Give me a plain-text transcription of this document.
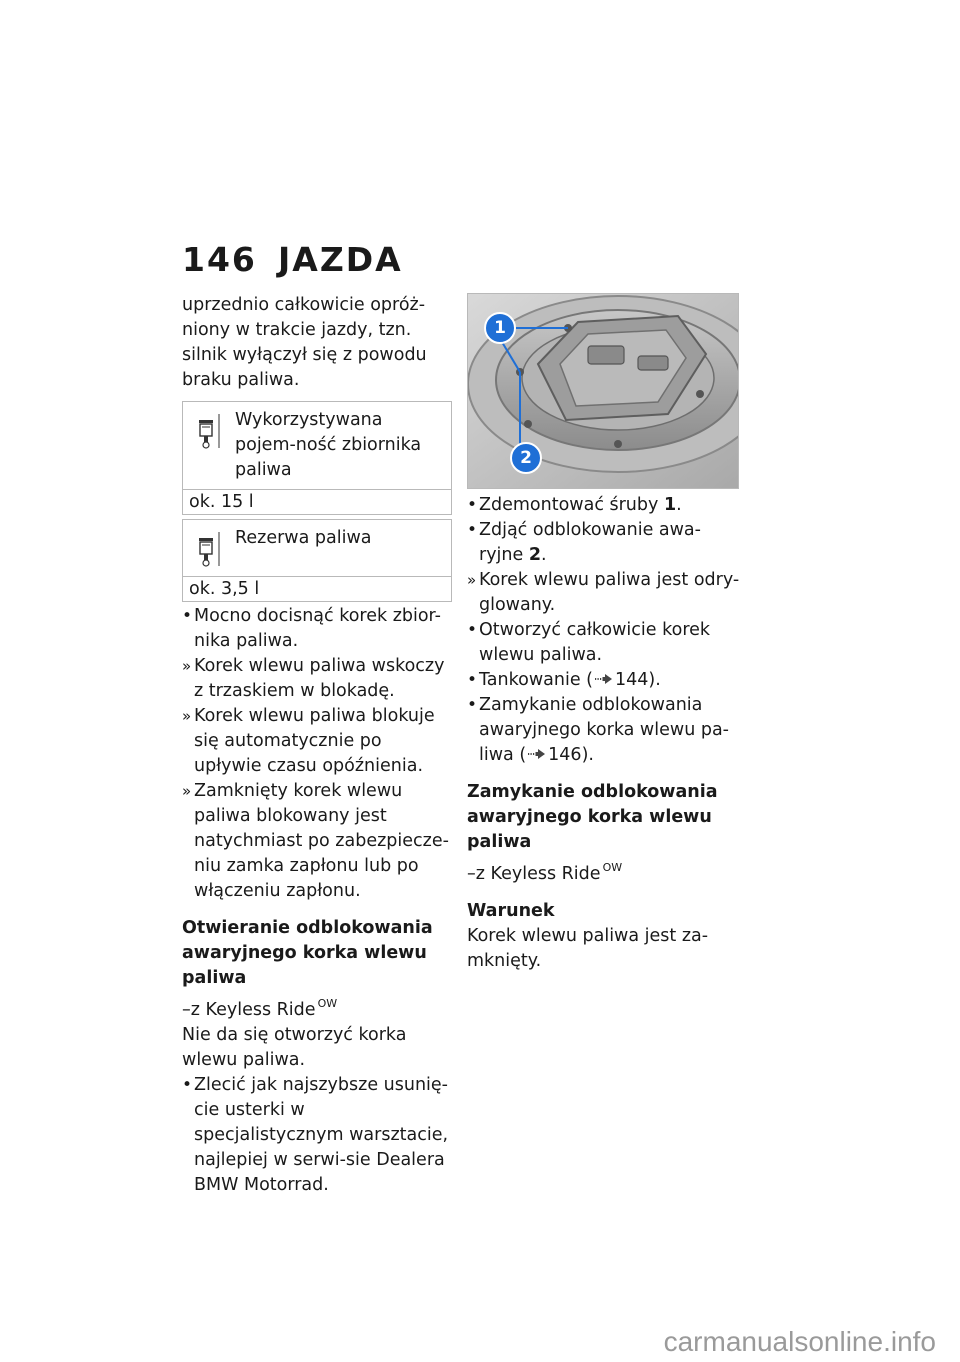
146 JAZDA

uprzednio całkowicie opróż-niony w trakcie jazdy, tzn. silnik wyłączył się z powodu braku paliwa.

Wykorzystywana pojem-ność zbiornika paliwa
ok. 15 l
Rezerwa paliwa
ok. 3,5 l
• Mocno docisnąć korek zbior-nika paliwa.
» Korek wlewu paliwa wskoczy z trzaskiem w blokadę.
» Korek wlewu paliwa blokuje się automatycznie po upływie czasu opóźnienia.
» Zamknięty korek wlewu paliwa blokowany jest natychmiast po zabezpiecze-niu zamka zapłonu lub po włączeniu zapłonu.
Otwieranie odblokowania awaryjnego korka wlewu paliwa

–z Keyless Ride $^{OW}$

Nie da się otworzyć korka wlewu paliwa.

• Zlecić jak najszybsze usunię-cie usterki w specjalistycznym warsztacie, najlepiej w serwi-sie Dealera BMW Motorrad.
1
2
• Zdemontować śruby 1.
• Zdjąć odblokowanie awa-ryjne 2.
» Korek wlewu paliwa jest odry-glowany.
• Otworzyć całkowicie korek wlewu paliwa.
• Tankowanie ( 144).
• Zamykanie odblokowania awaryjnego korka wlewu pa-liwa ( 146).
Zamykanie odblokowania awaryjnego korka wlewu paliwa

–z Keyless Ride $^{OW}$

Warunek

Korek wlewu paliwa jest za-mknięty.

carmanualsonline.info
